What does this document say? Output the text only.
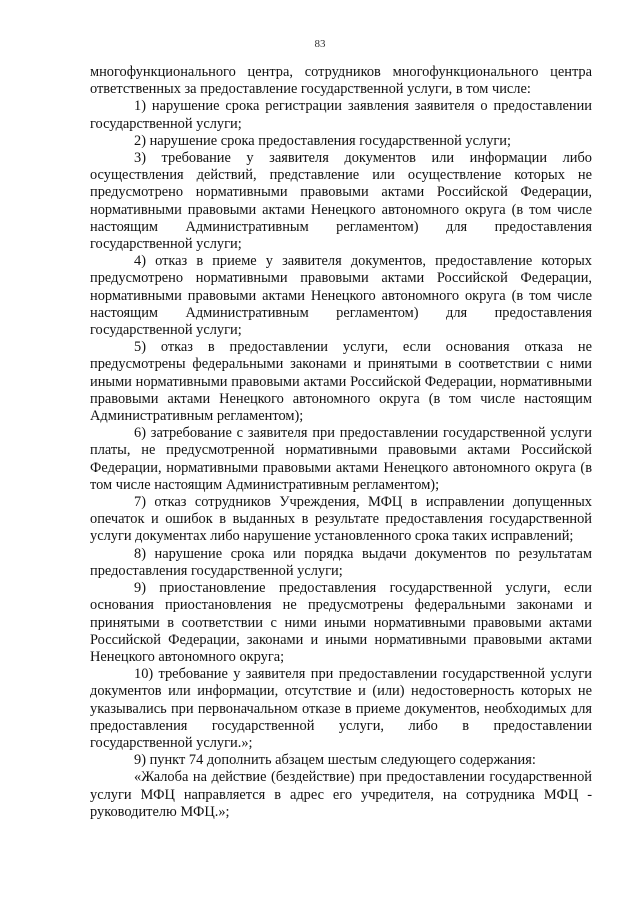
83

многофункционального центра, сотрудников многофункционального центра ответственных за предоставление государственной услуги, в том числе:

1) нарушение срока регистрации заявления заявителя о предоставлении государственной услуги;

2) нарушение срока предоставления государственной услуги;

3) требование у заявителя документов или информации либо осуществления действий, представление или осуществление которых не предусмотрено нормативными правовыми актами Российской Федерации, нормативными правовыми актами Ненецкого автономного округа (в том числе настоящим Административным регламентом) для предоставления государственной услуги;

4) отказ в приеме у заявителя документов, предоставление которых предусмотрено нормативными правовыми актами Российской Федерации, нормативными правовыми актами Ненецкого автономного округа (в том числе настоящим Административным регламентом) для предоставления государственной услуги;

5) отказ в предоставлении услуги, если основания отказа не предусмотрены федеральными законами и принятыми в соответствии с ними иными нормативными правовыми актами Российской Федерации, нормативными правовыми актами Ненецкого автономного округа (в том числе настоящим Административным регламентом);

6) затребование с заявителя при предоставлении государственной услуги платы, не предусмотренной нормативными правовыми актами Российской Федерации, нормативными правовыми актами Ненецкого автономного округа (в том числе настоящим Административным регламентом);

7) отказ сотрудников Учреждения, МФЦ в исправлении допущенных опечаток и ошибок в выданных в результате предоставления государственной услуги документах либо нарушение установленного срока таких исправлений;

8) нарушение срока или порядка выдачи документов по результатам предоставления государственной услуги;

9) приостановление предоставления государственной услуги, если основания приостановления не предусмотрены федеральными законами и принятыми в соответствии с ними иными нормативными правовыми актами Российской Федерации, законами и иными нормативными правовыми актами Ненецкого автономного округа;

10) требование у заявителя при предоставлении государственной услуги документов или информации, отсутствие и (или) недостоверность которых не указывались при первоначальном отказе в приеме документов, необходимых для предоставления государственной услуги, либо в предоставлении государственной услуги.»;

9) пункт 74 дополнить абзацем шестым следующего содержания:

«Жалоба на действие (бездействие) при предоставлении государственной услуги МФЦ направляется в адрес его учредителя, на сотрудника МФЦ - руководителю МФЦ.»;
